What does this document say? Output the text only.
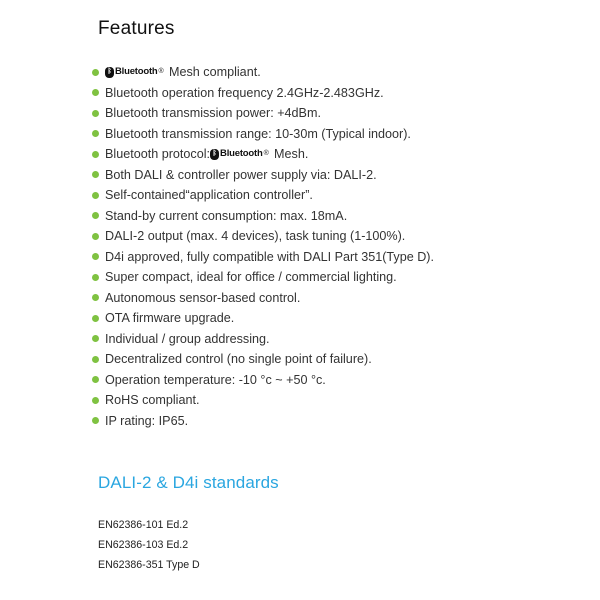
Features
ᛒ Bluetooth ®
Mesh compliant.
Bluetooth operation frequency 2.4GHz-2.483GHz.
Bluetooth transmission power: +4dBm.
Bluetooth transmission range: 10-30m (Typical indoor).
Bluetooth protocol: ᛒ Bluetooth ®
Mesh.
Both DALI & controller power supply via: DALI-2.
Self-contained“application controller”.
Stand-by current consumption: max. 18mA.
DALI-2 output (max. 4 devices), task tuning (1-100%).
D4i approved, fully compatible with DALI Part 351(Type D).
Super compact, ideal for office / commercial lighting.
Autonomous sensor-based control.
OTA firmware upgrade.
Individual / group addressing.
Decentralized control (no single point of failure).
Operation temperature: -10 °c ~ +50 °c.
RoHS compliant.
IP rating: IP65.
DALI-2 & D4i standards
EN62386-101 Ed.2
EN62386-103 Ed.2
EN62386-351 Type D
